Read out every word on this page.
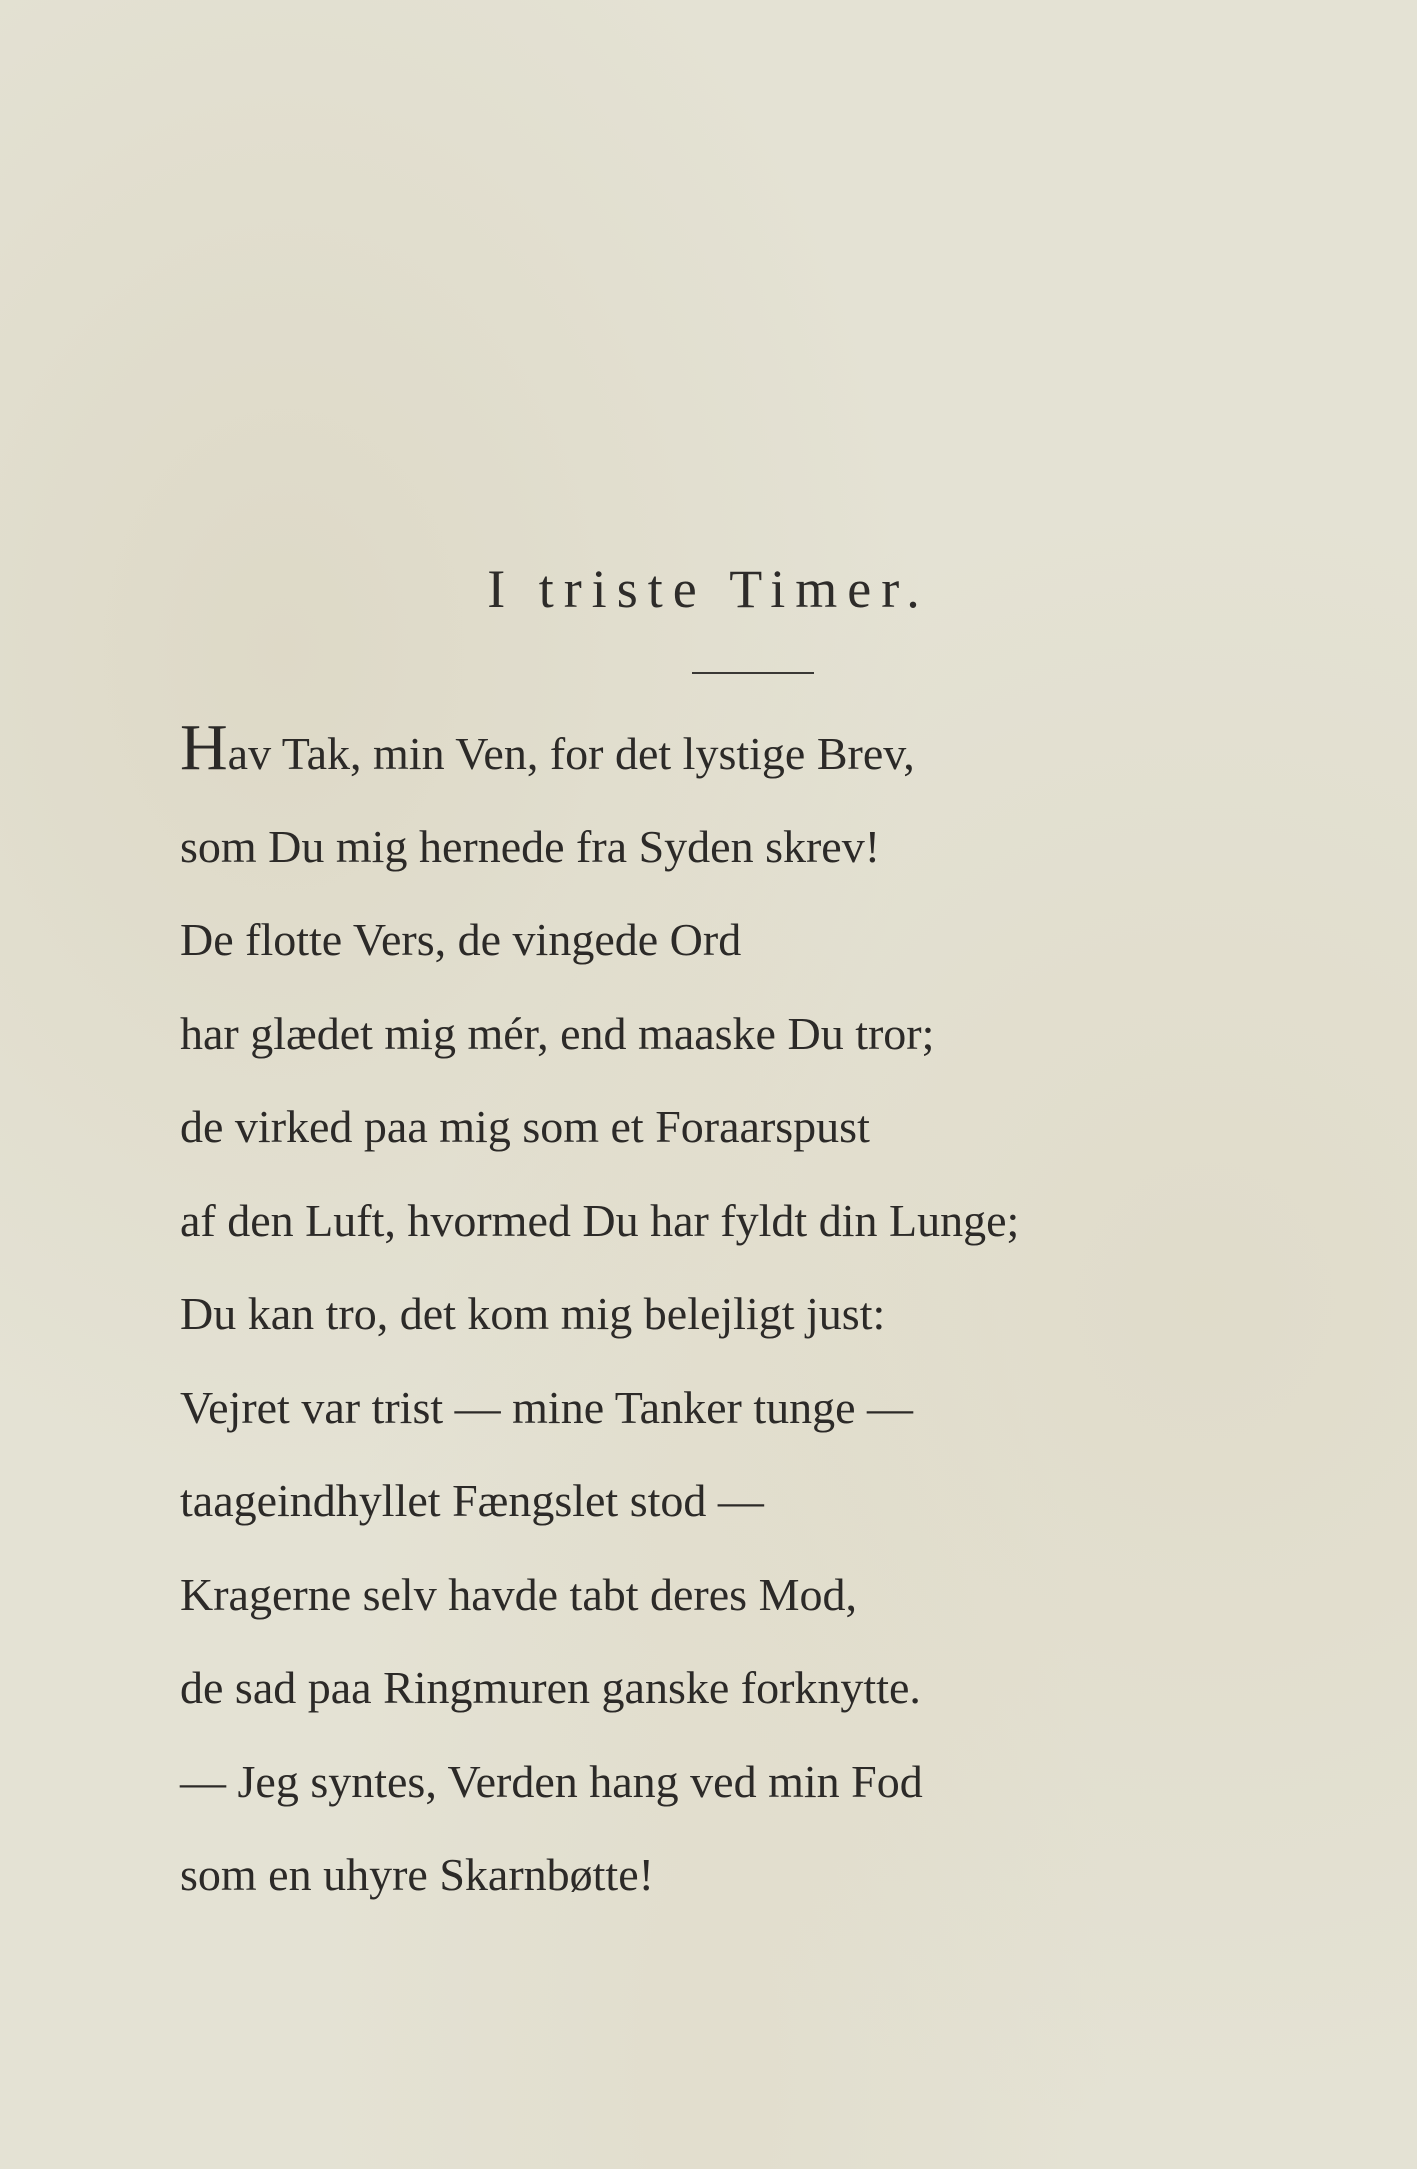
I triste Timer.
Hav Tak, min Ven, for det lystige Brev,
som Du mig hernede fra Syden skrev!
De flotte Vers, de vingede Ord
har glædet mig mér, end maaske Du tror;
de virked paa mig som et Foraarspust
af den Luft, hvormed Du har fyldt din Lunge;
Du kan tro, det kom mig belejligt just:
Vejret var trist — mine Tanker tunge —
taageindhyllet Fængslet stod —
Kragerne selv havde tabt deres Mod,
de sad paa Ringmuren ganske forknytte.
— Jeg syntes, Verden hang ved min Fod
som en uhyre Skarnbøtte!
